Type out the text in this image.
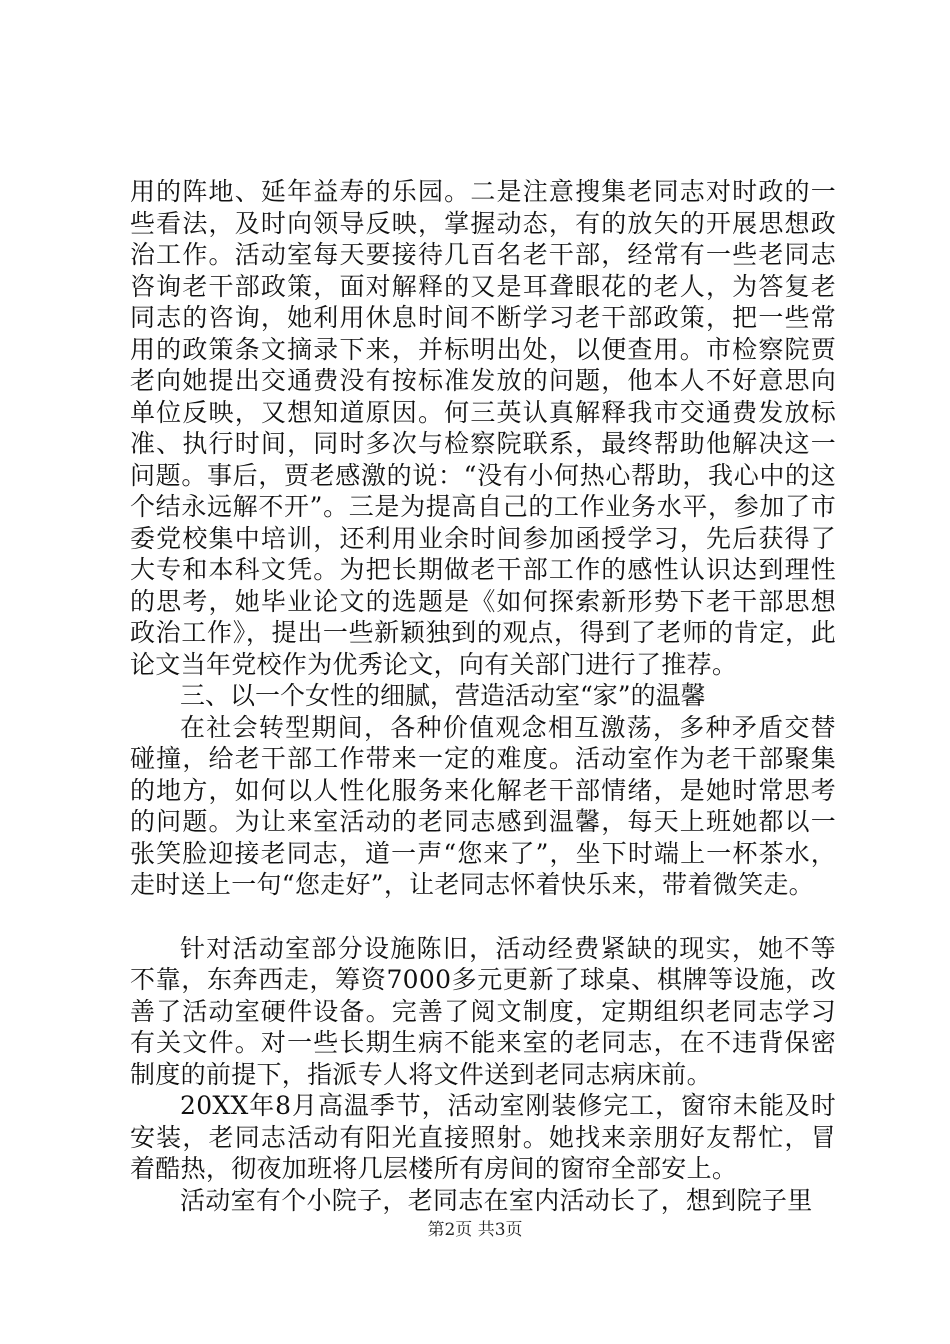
用的阵地、延年益寿的乐园。二是注意搜集老同志对时政的一些看法，及时向领导反映，掌握动态，有的放矢的开展思想政治工作。活动室每天要接待几百名老干部，经常有一些老同志咨询老干部政策，面对解释的又是耳聋眼花的老人，为答复老同志的咨询，她利用休息时间不断学习老干部政策，把一些常用的政策条文摘录下来，并标明出处，以便查用。市检察院贾老向她提出交通费没有按标准发放的问题，他本人不好意思向单位反映，又想知道原因。何三英认真解释我市交通费发放标准、执行时间，同时多次与检察院联系，最终帮助他解决这一问题。事后，贾老感激的说：“没有小何热心帮助，我心中的这个结永远解不开”。三是为提高自己的工作业务水平，参加了市委党校集中培训，还利用业余时间参加函授学习，先后获得了大专和本科文凭。为把长期做老干部工作的感性认识达到理性的思考，她毕业论文的选题是《如何探索新形势下老干部思想政治工作》，提出一些新颖独到的观点，得到了老师的肯定，此论文当年党校作为优秀论文，向有关部门进行了推荐。

三、以一个女性的细腻，营造活动室“家”的温馨

在社会转型期间，各种价值观念相互激荡，多种矛盾交替碰撞，给老干部工作带来一定的难度。活动室作为老干部聚集的地方，如何以人性化服务来化解老干部情绪，是她时常思考的问题。为让来室活动的老同志感到温馨，每天上班她都以一张笑脸迎接老同志，道一声“您来了”，坐下时端上一杯茶水，走时送上一句“您走好”，让老同志怀着快乐来，带着微笑走。

针对活动室部分设施陈旧，活动经费紧缺的现实，她不等不靠，东奔西走，筹资7000多元更新了球桌、棋牌等设施，改善了活动室硬件设备。完善了阅文制度，定期组织老同志学习有关文件。对一些长期生病不能来室的老同志，在不违背保密制度的前提下，指派专人将文件送到老同志病床前。

20XX年8月高温季节，活动室刚装修完工，窗帘未能及时安装，老同志活动有阳光直接照射。她找来亲朋好友帮忙，冒着酷热，彻夜加班将几层楼所有房间的窗帘全部安上。

活动室有个小院子，老同志在室内活动长了，想到院子里

第2页 共3页
